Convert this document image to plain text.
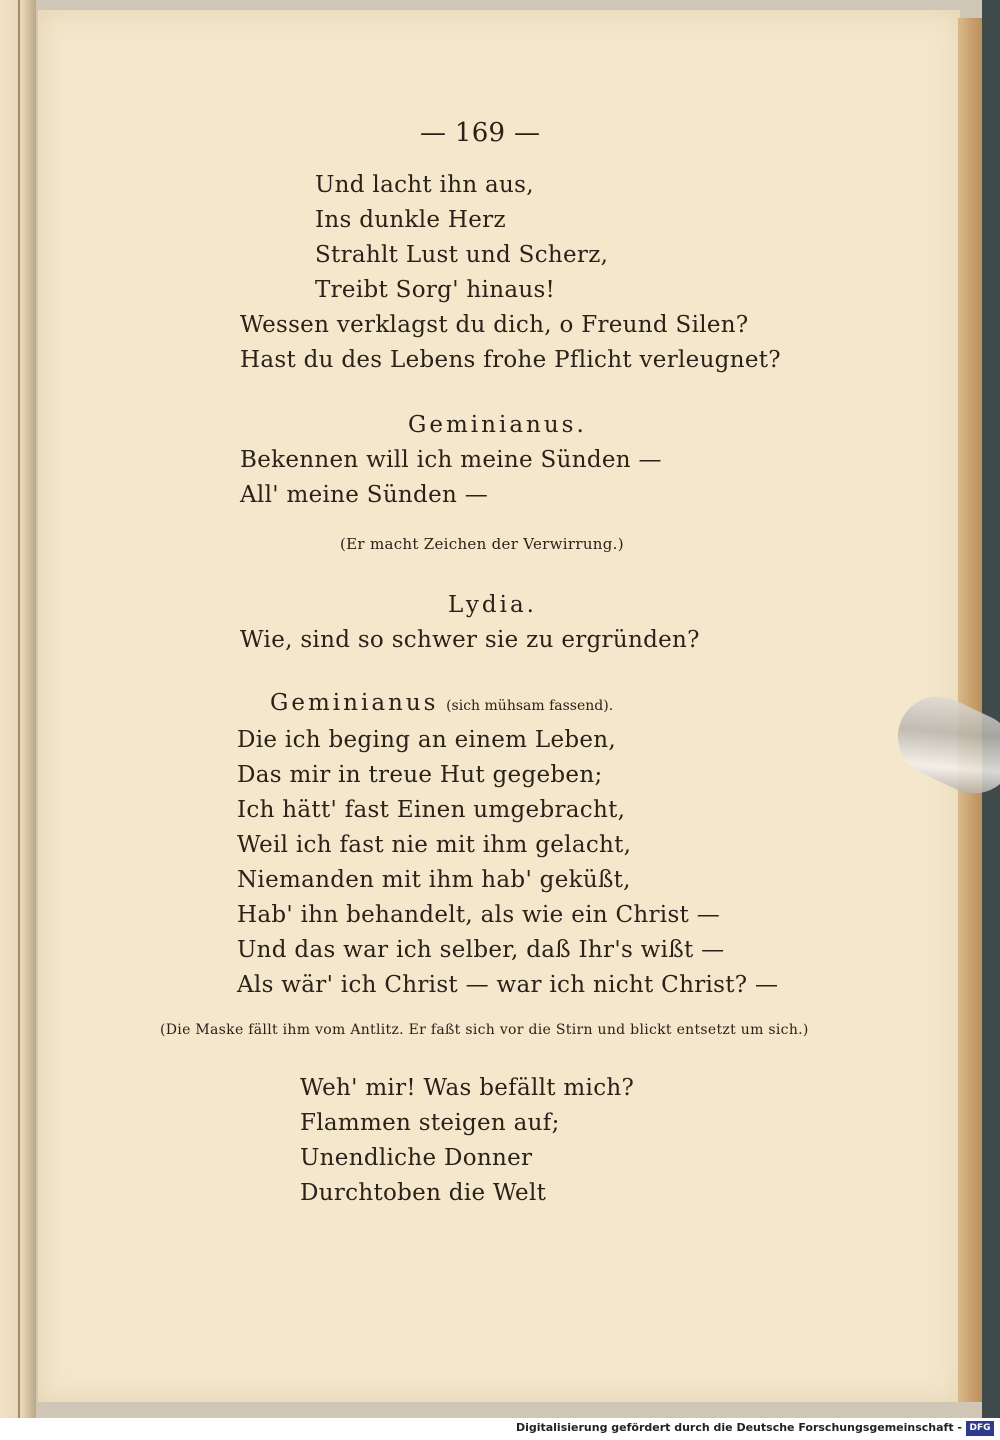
— 169 —
Und lacht ihn aus,
Ins dunkle Herz
Strahlt Lust und Scherz,
Treibt Sorg' hinaus!
Wessen verklagst du dich, o Freund Silen?
Hast du des Lebens frohe Pflicht verleugnet?
Geminianus.
Bekennen will ich meine Sünden —
All' meine Sünden —
(Er macht Zeichen der Verwirrung.)
Lydia.
Wie, sind so schwer sie zu ergründen?
Geminianus (sich mühsam fassend).
Die ich beging an einem Leben,
Das mir in treue Hut gegeben;
Ich hätt' fast Einen umgebracht,
Weil ich fast nie mit ihm gelacht,
Niemanden mit ihm hab' geküßt,
Hab' ihn behandelt, als wie ein Christ —
Und das war ich selber, daß Ihr's wißt —
Als wär' ich Christ — war ich nicht Christ? —
(Die Maske fällt ihm vom Antlitz. Er faßt sich vor die Stirn und blickt entsetzt um sich.)
Weh' mir! Was befällt mich?
Flammen steigen auf;
Unendliche Donner
Durchtoben die Welt
Digitalisierung gefördert durch die Deutsche Forschungsgemeinschaft - DFG
